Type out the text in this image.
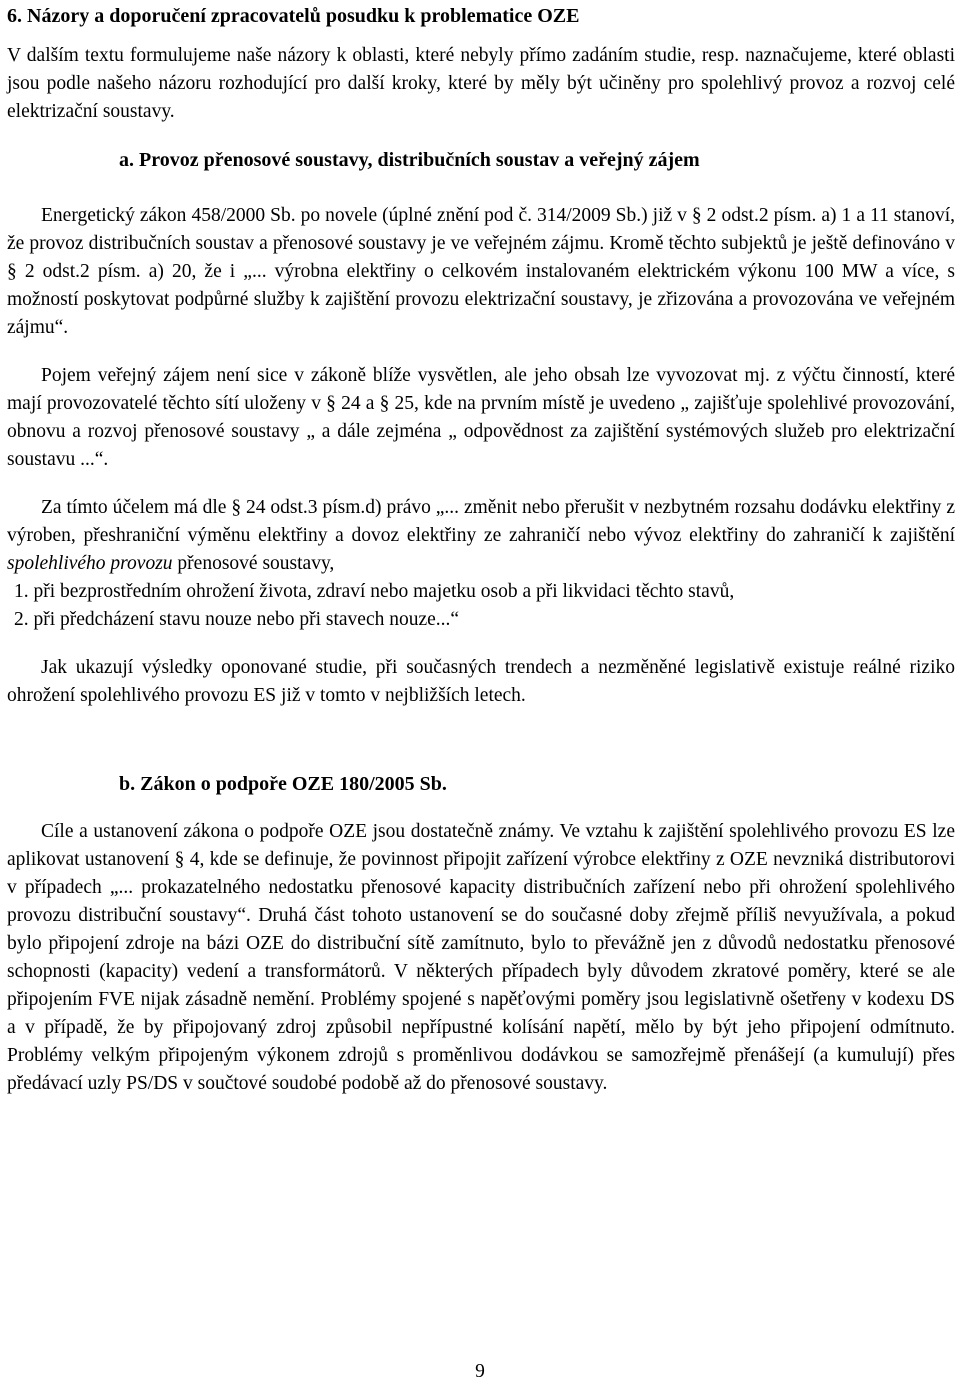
6. Názory a doporučení zpracovatelů posudku k problematice OZE

V dalším textu formulujeme naše názory k oblasti, které nebyly přímo zadáním studie, resp. naznačujeme, které oblasti jsou podle našeho názoru rozhodující pro další kroky, které by měly být učiněny pro spolehlivý provoz a rozvoj celé elektrizační soustavy.

a. Provoz přenosové soustavy, distribučních soustav a veřejný zájem

Energetický zákon 458/2000 Sb. po novele (úplné znění pod č. 314/2009 Sb.) již v § 2 odst.2 písm. a) 1 a 11 stanoví, že provoz distribučních soustav a přenosové soustavy je ve veřejném zájmu. Kromě těchto subjektů je ještě definováno v § 2 odst.2 písm. a) 20, že i „... výrobna elektřiny o celkovém instalovaném elektrickém výkonu 100 MW a více, s možností poskytovat podpůrné služby k zajištění provozu elektrizační soustavy, je zřizována a provozována ve veřejném zájmu“.

Pojem veřejný zájem není sice v zákoně blíže vysvětlen, ale jeho obsah lze vyvozovat mj. z výčtu činností, které mají provozovatelé těchto sítí uloženy v § 24 a § 25, kde na prvním místě je uvedeno „ zajišťuje spolehlivé provozování, obnovu a rozvoj přenosové soustavy „ a dále zejména „ odpovědnost za zajištění systémových služeb pro elektrizační soustavu ...“.

Za tímto účelem má dle § 24 odst.3 písm.d) právo „... změnit nebo přerušit v nezbytném rozsahu dodávku elektřiny z výroben, přeshraniční výměnu elektřiny a dovoz elektřiny ze zahraničí nebo vývoz elektřiny do zahraničí k zajištění spolehlivého provozu přenosové soustavy,

1. při bezprostředním ohrožení života, zdraví nebo majetku osob a při likvidaci těchto stavů,

2. při předcházení stavu nouze nebo při stavech nouze...“

Jak ukazují výsledky oponované studie, při současných trendech a nezměněné legislativě existuje reálné riziko ohrožení spolehlivého provozu ES již v tomto v nejbližších letech.

b. Zákon o podpoře OZE 180/2005 Sb.

Cíle a ustanovení zákona o podpoře OZE jsou dostatečně známy. Ve vztahu k zajištění spolehlivého provozu ES lze aplikovat ustanovení § 4, kde se definuje, že povinnost připojit zařízení výrobce elektřiny z OZE nevzniká distributorovi v případech „... prokazatelného nedostatku přenosové kapacity distribučních zařízení nebo při ohrožení spolehlivého provozu distribuční soustavy“. Druhá část tohoto ustanovení se do současné doby zřejmě příliš nevyužívala, a pokud bylo připojení zdroje na bázi OZE do distribuční sítě zamítnuto, bylo to převážně jen z důvodů nedostatku přenosové schopnosti (kapacity) vedení a transformátorů. V některých případech byly důvodem zkratové poměry, které se ale připojením FVE nijak zásadně nemění. Problémy spojené s napěťovými poměry jsou legislativně ošetřeny v kodexu DS a v případě, že by připojovaný zdroj způsobil nepřípustné kolísání napětí, mělo by být jeho připojení odmítnuto. Problémy velkým připojeným výkonem zdrojů s proměnlivou dodávkou se samozřejmě přenášejí (a kumulují) přes předávací uzly PS/DS v součtové soudobé podobě až do přenosové soustavy.

9
